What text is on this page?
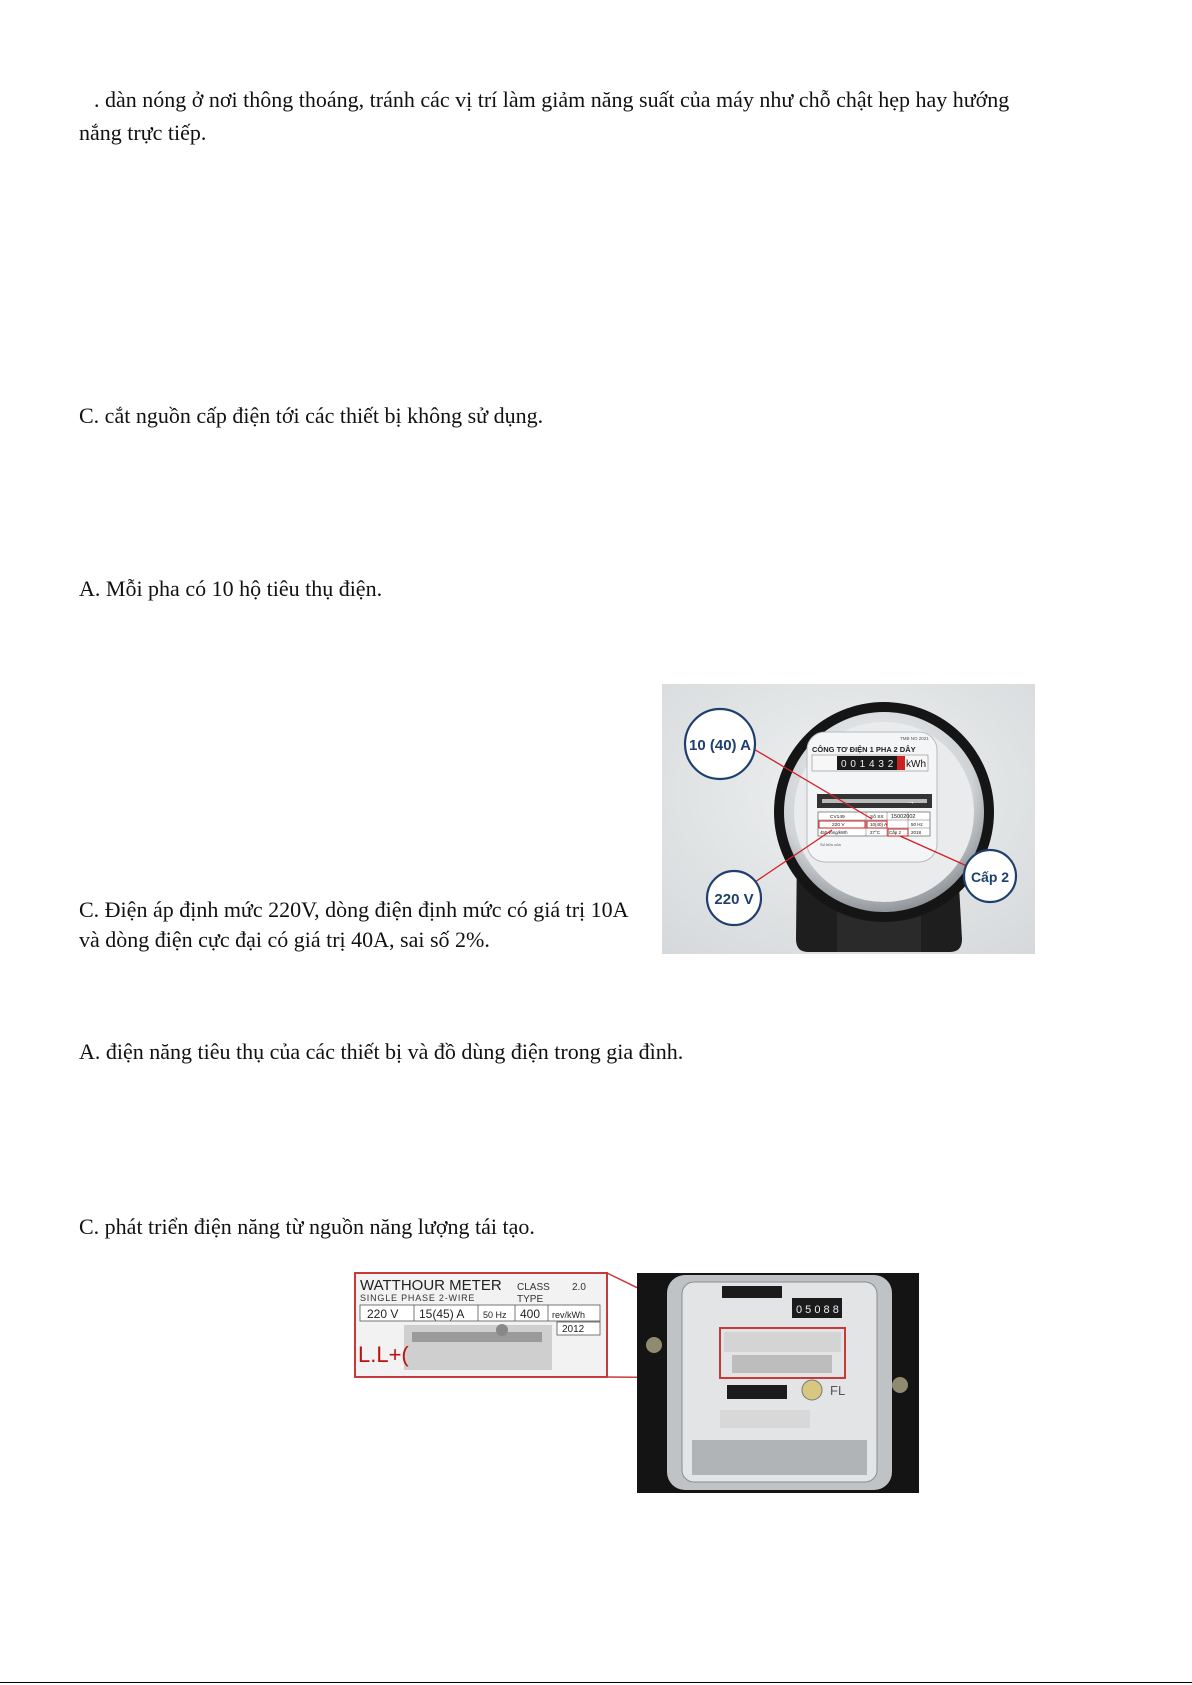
. dàn nóng ở nơi thông thoáng, tránh các vị trí làm giảm năng suất của máy như chỗ chật hẹp hay hướng
nắng trực tiếp.
C. cắt nguồn cấp điện tới các thiết bị không sử dụng.
A. Mỗi pha có 10 hộ tiêu thụ điện.
C. Điện áp định mức 220V, dòng điện định mức có giá trị 10A
và dòng điện cực đại có giá trị 40A, sai số 2%.
A. điện năng tiêu thụ của các thiết bị và đồ dùng điện trong gia đình.
C. phát triển điện năng từ nguồn năng lượng tái tạo.
TMB NO 2021
CÔNG TƠ ĐIỆN 1 PHA 2 DÂY
0 0 1 4 3 2 kWh
→
CV149	Số SX 15002002
220 V	10(40) A	50 Hz
450 vòng/kWh	27°C Cấp 2 2018
Số hữu của
10 (40) A
220 V
Cấp 2
WATTHOUR METER
SINGLE PHASE 2-WIRE
CLASS 2.0
TYPE
220 V 15(45) A 50 Hz 400 rev/kWh
2012
L.L+(
0 5 0 8 8
FL
